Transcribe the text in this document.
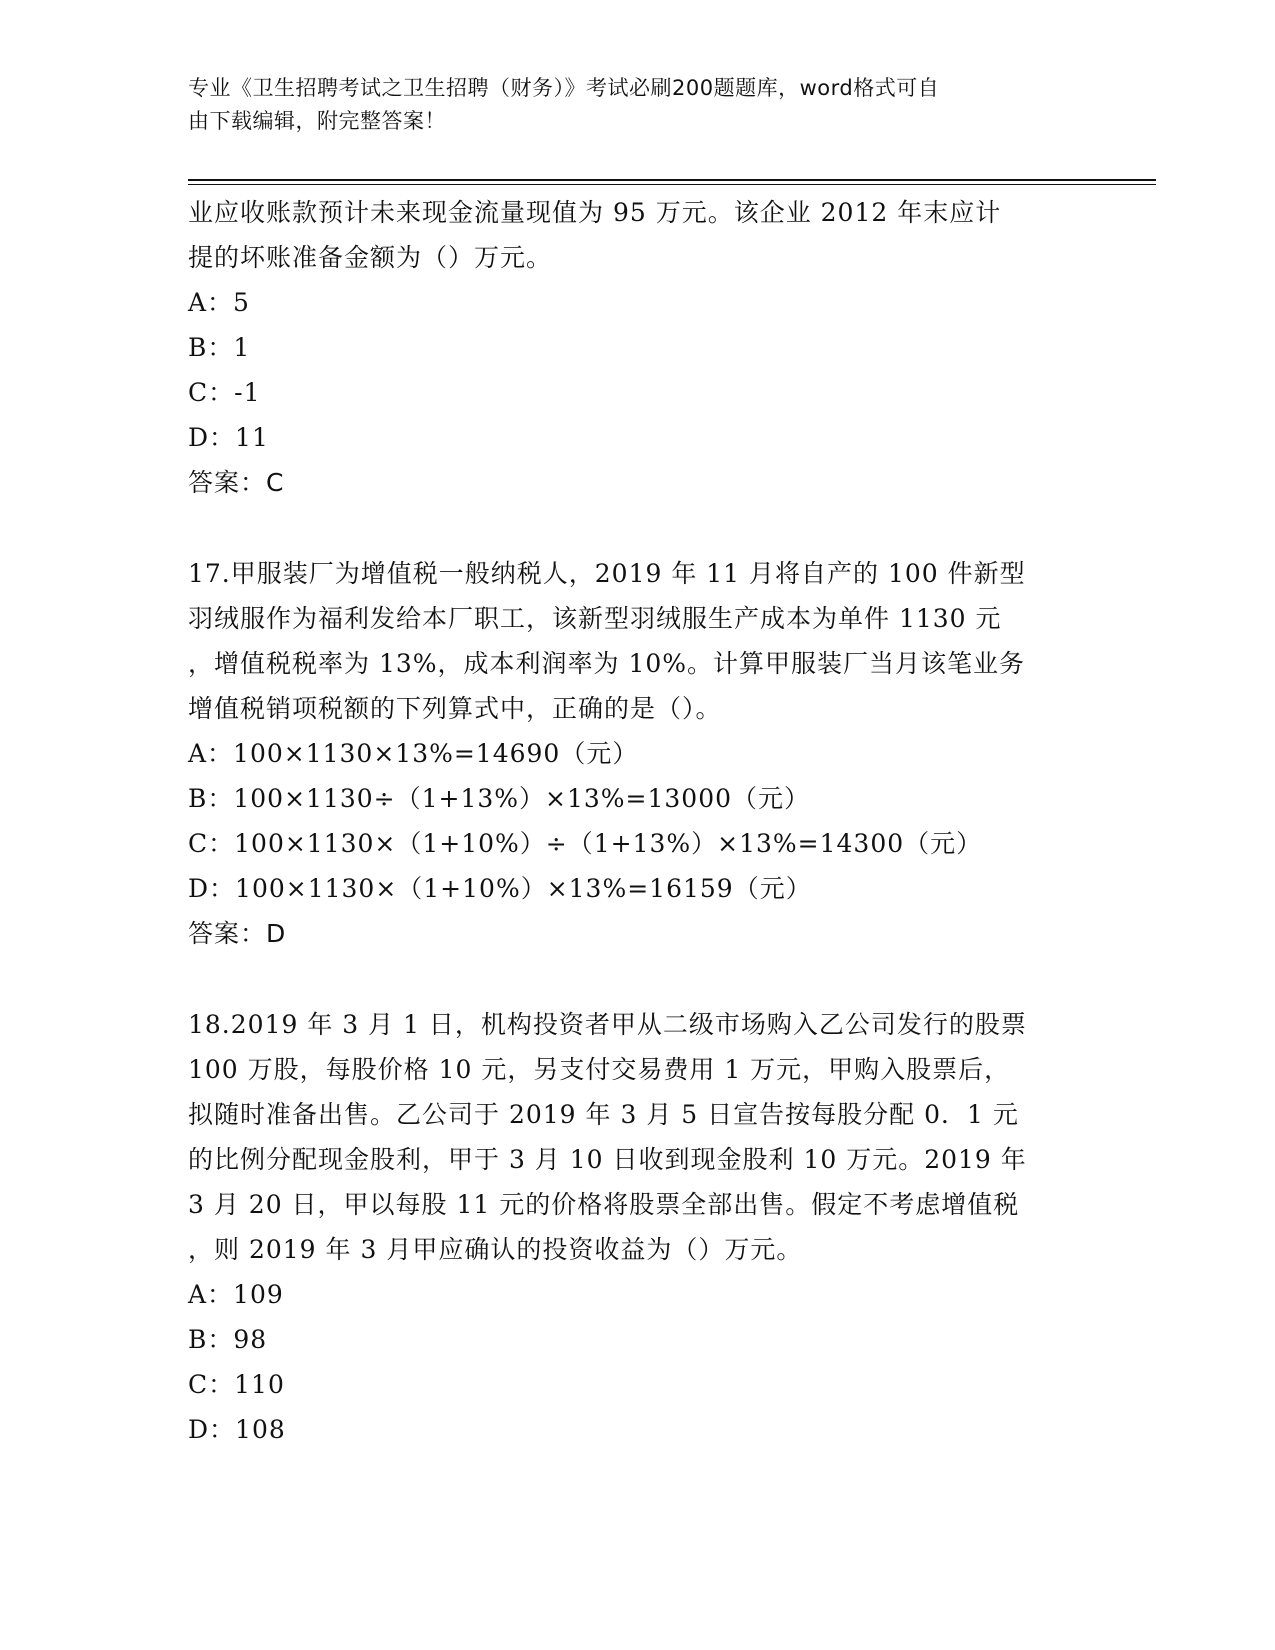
专业《卫生招聘考试之卫生招聘（财务）》考试必刷200题题库，word格式可自
由下载编辑，附完整答案！

业应收账款预计未来现金流量现值为 95 万元。该企业 2012 年末应计

提的坏账准备金额为（）万元。

A：5

B：1

C：-1

D：11

答案：C

17.甲服装厂为增值税一般纳税人，2019 年 11 月将自产的 100 件新型

羽绒服作为福利发给本厂职工，该新型羽绒服生产成本为单件 1130 元

，增值税税率为 13%，成本利润率为 10%。计算甲服装厂当月该笔业务

增值税销项税额的下列算式中，正确的是（）。

A：100×1130×13%=14690（元）

B：100×1130÷（1+13%）×13%=13000（元）

C：100×1130×（1+10%）÷（1+13%）×13%=14300（元）

D：100×1130×（1+10%）×13%=16159（元）

答案：D

18.2019 年 3 月 1 日，机构投资者甲从二级市场购入乙公司发行的股票

100 万股，每股价格 10 元，另支付交易费用 1 万元，甲购入股票后，

拟随时准备出售。乙公司于 2019 年 3 月 5 日宣告按每股分配 0．1 元

的比例分配现金股利，甲于 3 月 10 日收到现金股利 10 万元。2019 年

3 月 20 日，甲以每股 11 元的价格将股票全部出售。假定不考虑增值税

，则 2019 年 3 月甲应确认的投资收益为（）万元。

A：109

B：98

C：110

D：108
